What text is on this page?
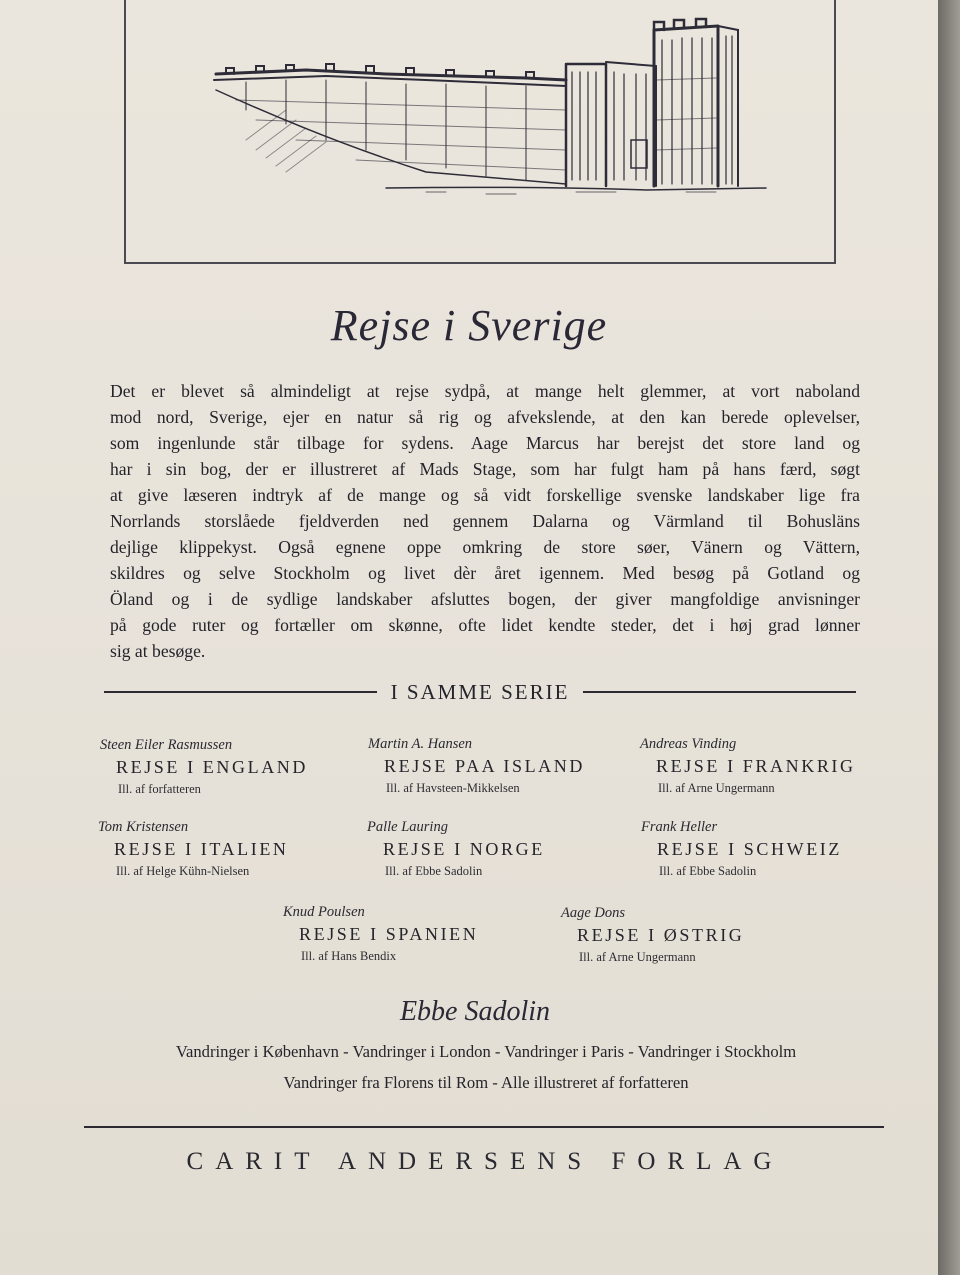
Rejse i Sverige
Det er blevet så almindeligt at rejse sydpå, at mange helt glemmer, at vort naboland
mod nord, Sverige, ejer en natur så rig og afvekslende, at den kan berede oplevelser,
som ingenlunde står tilbage for sydens. Aage Marcus har berejst det store land og
har i sin bog, der er illustreret af Mads Stage, som har fulgt ham på hans færd, søgt
at give læseren indtryk af de mange og så vidt forskellige svenske landskaber lige fra
Norrlands storslåede fjeldverden ned gennem Dalarna og Värmland til Bohusläns
dejlige klippekyst. Også egnene oppe omkring de store søer, Vänern og Vättern,
skildres og selve Stockholm og livet dèr året igennem. Med besøg på Gotland og
Öland og i de sydlige landskaber afsluttes bogen, der giver mangfoldige anvisninger
på gode ruter og fortæller om skønne, ofte lidet kendte steder, det i høj grad lønner
sig at besøge.
I SAMME SERIE
Steen Eiler Rasmussen
REJSE I ENGLAND
Ill. af forfatteren
Martin A. Hansen
REJSE PAA ISLAND
Ill. af Havsteen-Mikkelsen
Andreas Vinding
REJSE I FRANKRIG
Ill. af Arne Ungermann
Tom Kristensen
REJSE I ITALIEN
Ill. af Helge Kühn-Nielsen
Palle Lauring
REJSE I NORGE
Ill. af Ebbe Sadolin
Frank Heller
REJSE I SCHWEIZ
Ill. af Ebbe Sadolin
Knud Poulsen
REJSE I SPANIEN
Ill. af Hans Bendix
Aage Dons
REJSE I ØSTRIG
Ill. af Arne Ungermann
Ebbe Sadolin
Vandringer i København - Vandringer i London - Vandringer i Paris - Vandringer i Stockholm
Vandringer fra Florens til Rom - Alle illustreret af forfatteren
CARIT ANDERSENS FORLAG
